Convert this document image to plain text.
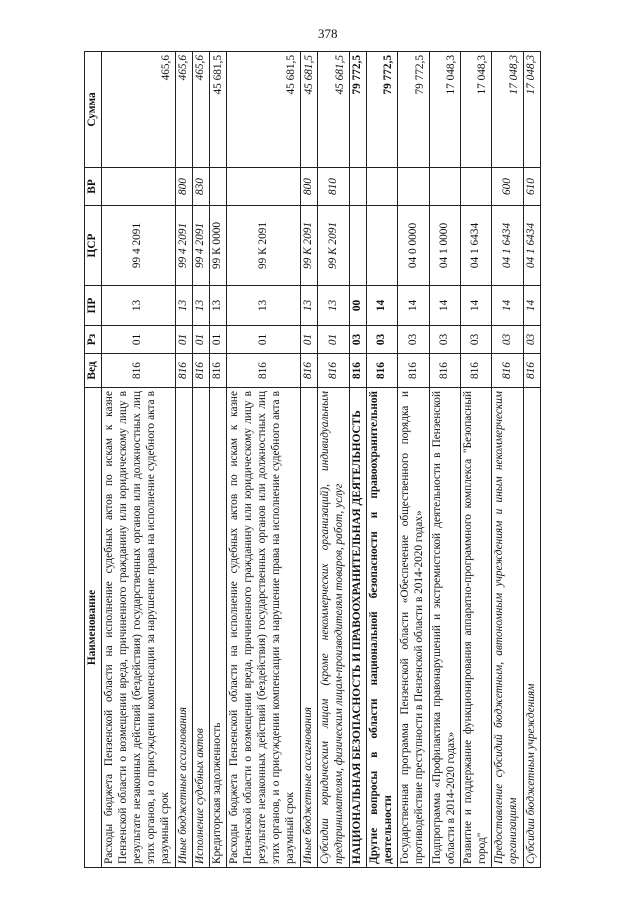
378
Наименование	Вед	Рз	ПР	ЦСР	ВР	Сумма
Расходы бюджета Пензенской области на исполнение судебных актов по искам к казне Пензенской области о возмещении вреда, причиненного гражданину или юридическому лицу в результате незаконных действий (бездействия) государственных органов или должностных лиц этих органов, и о присуждении компенсации за нарушение права на исполнение судебного акта в разумный срок	816	01	13	99 4 2091		465,6
Иные бюджетные ассигнования	816	01	13	99 4 2091	800	465,6
Исполнение судебных актов	816	01	13	99 4 2091	830	465,6
Кредиторская задолженность	816	01	13	99 К 0000		45 681,5
Расходы бюджета Пензенской области на исполнение судебных актов по искам к казне Пензенской области о возмещении вреда, причиненного гражданину или юридическому лицу в результате незаконных действий (бездействия) государственных органов или должностных лиц этих органов, и о присуждении компенсации за нарушение права на исполнение судебного акта в разумный срок	816	01	13	99 К 2091		45 681,5
Иные бюджетные ассигнования	816	01	13	99 К 2091	800	45 681,5
Субсидии юридическим лицам (кроме некоммерческих организаций), индивидуальным предпринимателям, физическим лицам-производителям товаров, работ, услуг	816	01	13	99 К 2091	810	45 681,5
НАЦИОНАЛЬНАЯ БЕЗОПАСНОСТЬ И ПРАВООХРАНИТЕЛЬНАЯ ДЕЯТЕЛЬНОСТЬ	816	03	00			79 772,5
Другие вопросы в области национальной безопасности и правоохранительной деятельности	816	03	14			79 772,5
Государственная программа Пензенской области «Обеспечение общественного порядка и противодействие преступности в Пензенской области в 2014-2020 годах»	816	03	14	04 0 0000		79 772,5
Подпрограмма «Профилактика правонарушений и экстремистской деятельности в Пензенской области в 2014-2020 годах»	816	03	14	04 1 0000		17 048,3
Развитие и поддержание функционирования аппаратно-программного комплекса "Безопасный город"	816	03	14	04 1 6434		17 048,3
Предоставление субсидий бюджетным, автономным учреждениям и иным некоммерческим организациям	816	03	14	04 1 6434	600	17 048,3
Субсидии бюджетным учреждениям	816	03	14	04 1 6434	610	17 048,3
